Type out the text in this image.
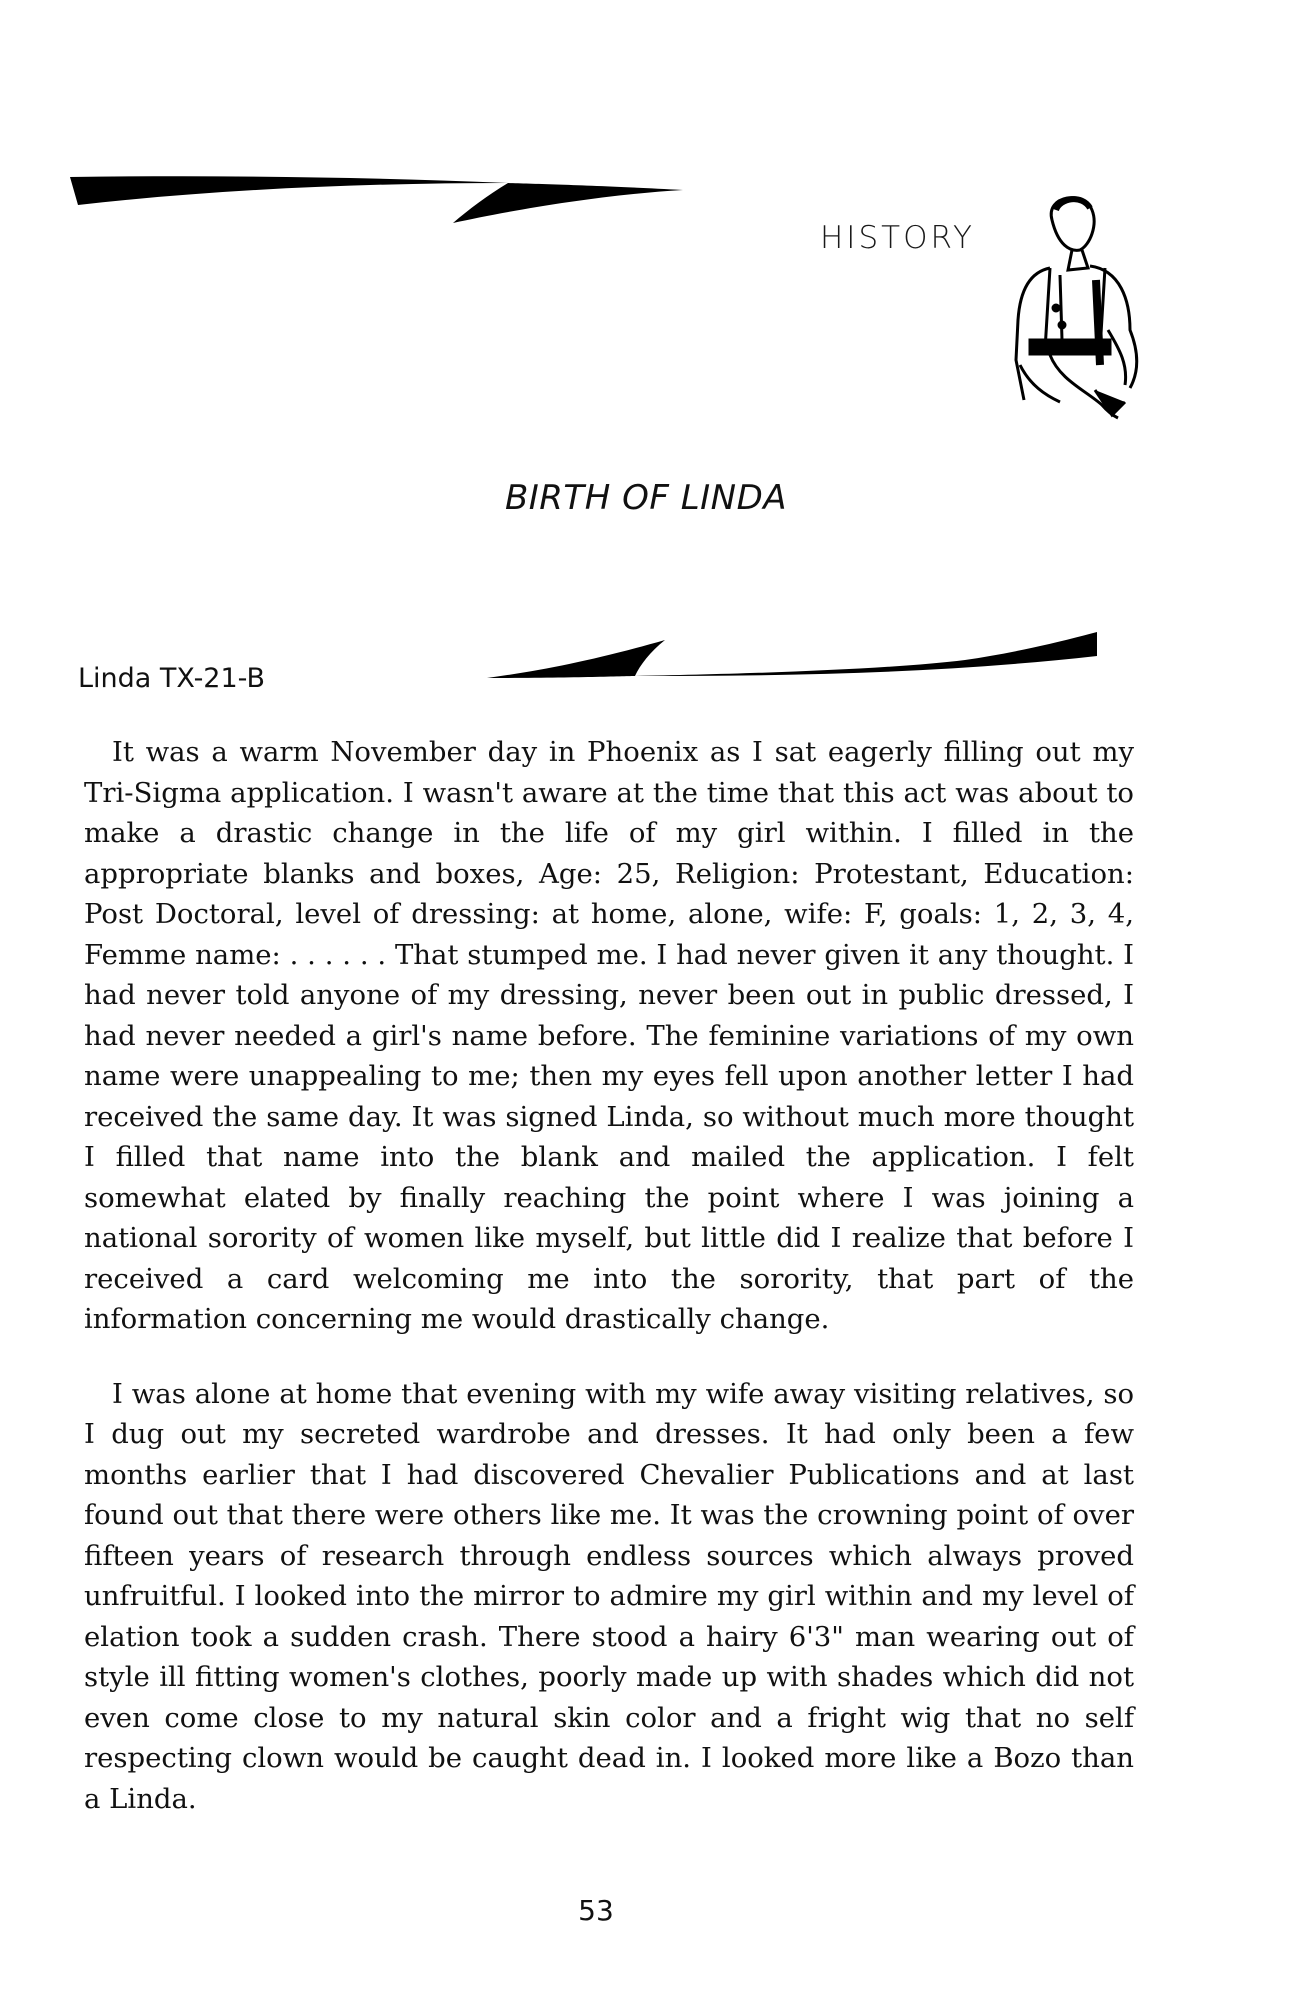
HISTORY
BIRTH OF LINDA
Linda TX-21-B

It was a warm November day in Phoenix as I sat eagerly filling out my Tri-Sigma application. I wasn't aware at the time that this act was about to make a drastic change in the life of my girl within. I filled in the appropriate blanks and boxes, Age: 25, Religion: Protestant, Education: Post Doctoral, level of dressing: at home, alone, wife: F, goals: 1, 2, 3, 4, Femme name: . . . . . . That stumped me. I had never given it any thought. I had never told anyone of my dressing, never been out in public dressed, I had never needed a girl's name before. The feminine variations of my own name were unappealing to me; then my eyes fell upon another letter I had received the same day. It was signed Linda, so without much more thought I filled that name into the blank and mailed the application. I felt somewhat elated by finally reaching the point where I was joining a national sorority of women like myself, but little did I realize that before I received a card welcoming me into the sorority, that part of the information concerning me would drastically change.

I was alone at home that evening with my wife away visiting relatives, so I dug out my secreted wardrobe and dresses. It had only been a few months earlier that I had discovered Chevalier Publications and at last found out that there were others like me. It was the crowning point of over fifteen years of research through endless sources which always proved unfruitful. I looked into the mirror to admire my girl within and my level of elation took a sudden crash. There stood a hairy 6'3" man wearing out of style ill fitting women's clothes, poorly made up with shades which did not even come close to my natural skin color and a fright wig that no self respecting clown would be caught dead in. I looked more like a Bozo than a Linda.

53
